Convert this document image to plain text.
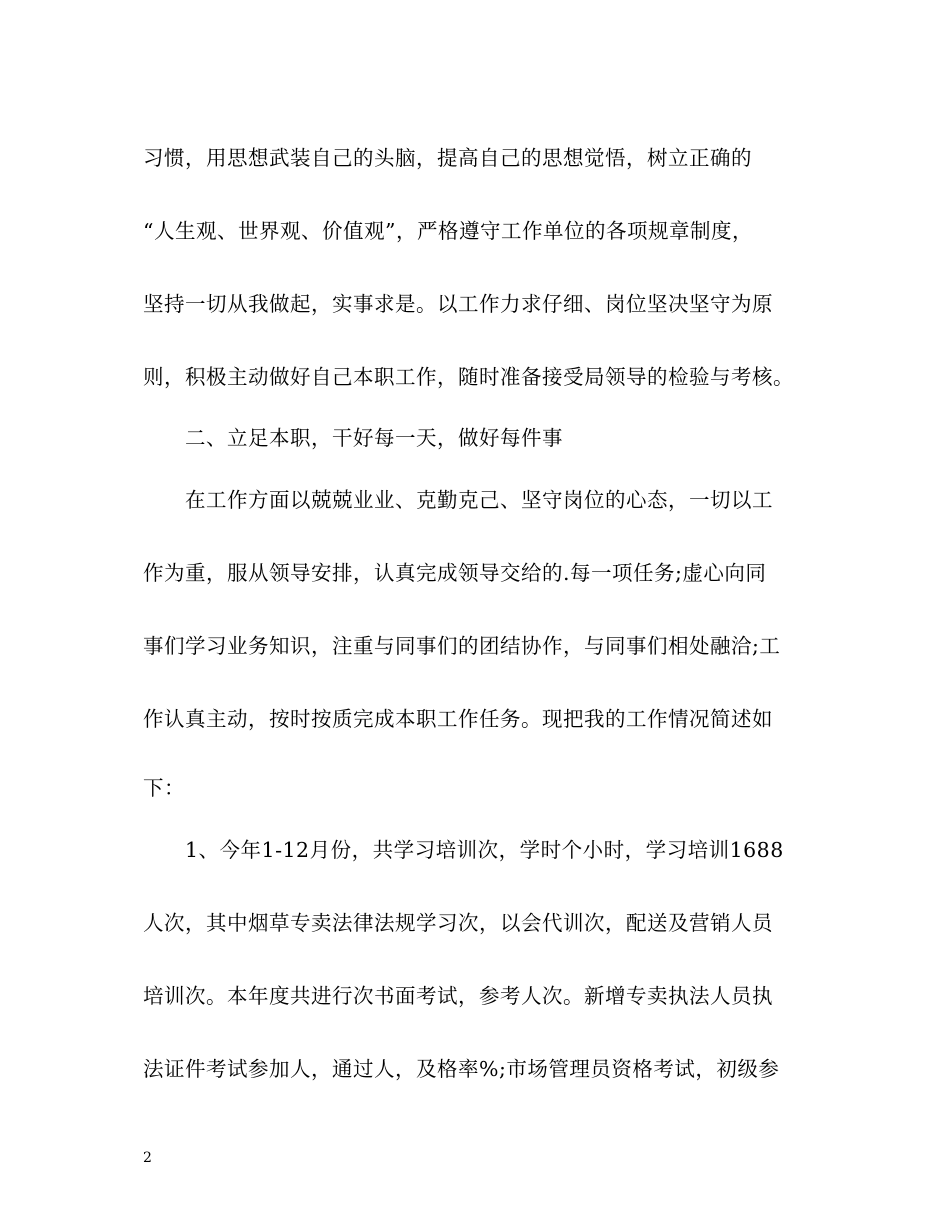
习惯，用思想武装自己的头脑，提高自己的思想觉悟，树立正确的
“人生观、世界观、价值观”，严格遵守工作单位的各项规章制度，
坚持一切从我做起，实事求是。以工作力求仔细、岗位坚决坚守为原
则，积极主动做好自己本职工作，随时准备接受局领导的检验与考核。
二、立足本职，干好每一天，做好每件事
在工作方面以兢兢业业、克勤克己、坚守岗位的心态，一切以工
作为重，服从领导安排，认真完成领导交给的.每一项任务;虚心向同
事们学习业务知识，注重与同事们的团结协作，与同事们相处融洽;工
作认真主动，按时按质完成本职工作任务。现把我的工作情况简述如
下：
1、今年1-12月份，共学习培训次，学时个小时，学习培训1688
人次，其中烟草专卖法律法规学习次，以会代训次，配送及营销人员
培训次。本年度共进行次书面考试，参考人次。新增专卖执法人员执
法证件考试参加人，通过人，及格率%;市场管理员资格考试，初级参
2
